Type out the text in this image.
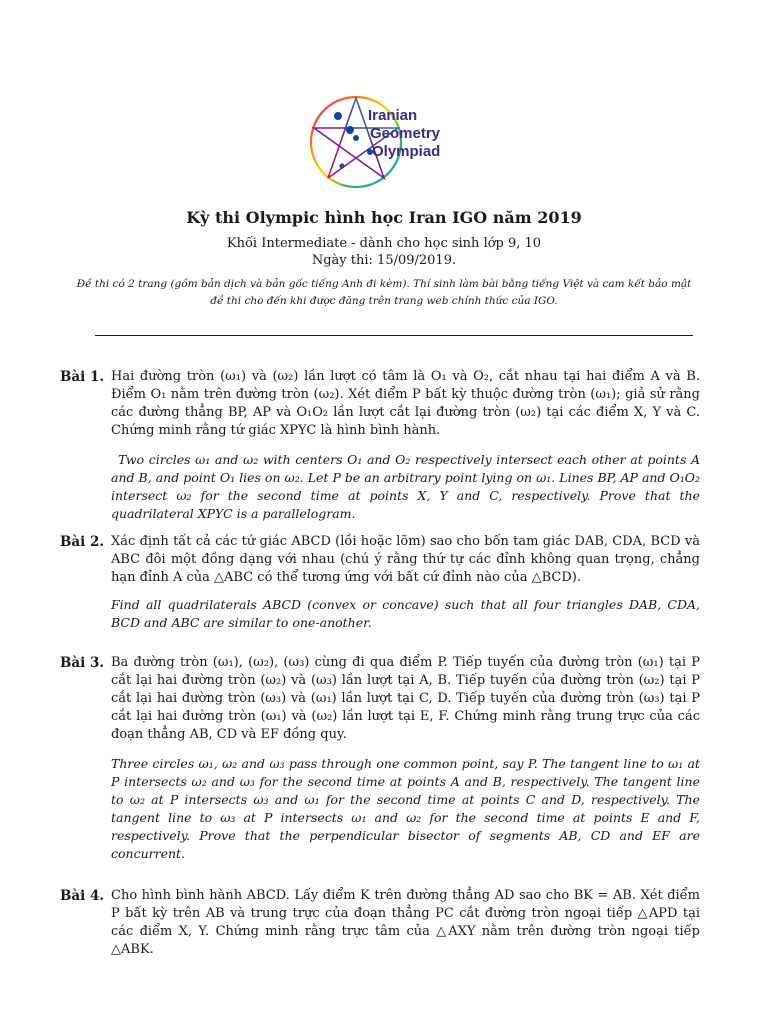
Iranian
Geometry
Olympiad
Kỳ thi Olympic hình học Iran IGO năm 2019
Khối Intermediate - dành cho học sinh lớp 9, 10
Ngày thi: 15/09/2019.
Đề thi có 2 trang (gồm bản dịch và bản gốc tiếng Anh đi kèm). Thí sinh làm bài bằng tiếng Việt và cam kết bảo mật đề thi cho đến khi được đăng trên trang web chính thức của IGO.
Bài 1. Hai đường tròn (ω₁) và (ω₂) lần lượt có tâm là O₁ và O₂, cắt nhau tại hai điểm A và B. Điểm O₁ nằm trên đường tròn (ω₂). Xét điểm P bất kỳ thuộc đường tròn (ω₁); giả sử rằng các đường thẳng BP, AP và O₁O₂ lần lượt cắt lại đường tròn (ω₂) tại các điểm X, Y và C. Chứng minh rằng tứ giác XPYC là hình bình hành.

Two circles ω₁ and ω₂ with centers O₁ and O₂ respectively intersect each other at points A and B, and point O₁ lies on ω₂. Let P be an arbitrary point lying on ω₁. Lines BP, AP and O₁O₂ intersect ω₂ for the second time at points X, Y and C, respectively. Prove that the quadrilateral XPYC is a parallelogram.

Bài 2. Xác định tất cả các tứ giác ABCD (lồi hoặc lõm) sao cho bốn tam giác DAB, CDA, BCD và ABC đôi một đồng dạng với nhau (chú ý rằng thứ tự các đỉnh không quan trọng, chẳng hạn đỉnh A của △ABC có thể tương ứng với bất cứ đỉnh nào của △BCD).

Find all quadrilaterals ABCD (convex or concave) such that all four triangles DAB, CDA, BCD and ABC are similar to one-another.

Bài 3. Ba đường tròn (ω₁), (ω₂), (ω₃) cùng đi qua điểm P. Tiếp tuyến của đường tròn (ω₁) tại P cắt lại hai đường tròn (ω₂) và (ω₃) lần lượt tại A, B. Tiếp tuyến của đường tròn (ω₂) tại P cắt lại hai đường tròn (ω₃) và (ω₁) lần lượt tại C, D. Tiếp tuyến của đường tròn (ω₃) tại P cắt lại hai đường tròn (ω₁) và (ω₂) lần lượt tại E, F. Chứng minh rằng trung trực của các đoạn thẳng AB, CD và EF đồng quy.

Three circles ω₁, ω₂ and ω₃ pass through one common point, say P. The tangent line to ω₁ at P intersects ω₂ and ω₃ for the second time at points A and B, respectively. The tangent line to ω₂ at P intersects ω₃ and ω₁ for the second time at points C and D, respectively. The tangent line to ω₃ at P intersects ω₁ and ω₂ for the second time at points E and F, respectively. Prove that the perpendicular bisector of segments AB, CD and EF are concurrent.

Bài 4. Cho hình bình hành ABCD. Lấy điểm K trên đường thẳng AD sao cho BK = AB. Xét điểm P bất kỳ trên AB và trung trực của đoạn thẳng PC cắt đường tròn ngoại tiếp △APD tại các điểm X, Y. Chứng minh rằng trực tâm của △AXY nằm trên đường tròn ngoại tiếp △ABK.
